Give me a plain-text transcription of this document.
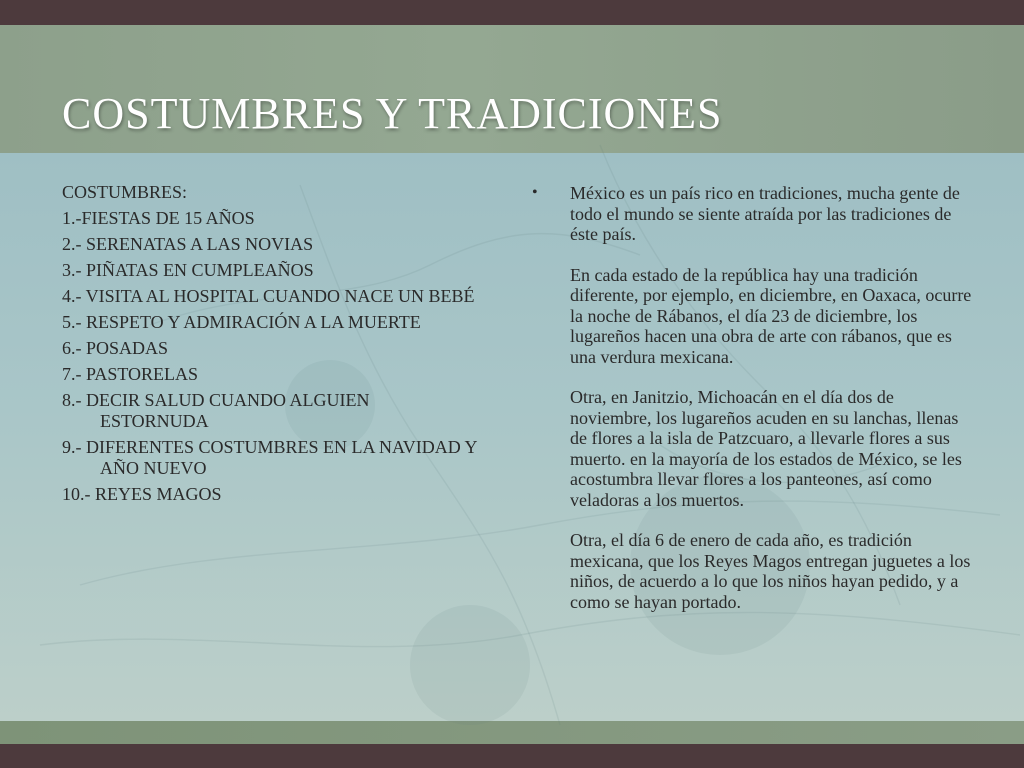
COSTUMBRES Y TRADICIONES
COSTUMBRES:
1.-FIESTAS DE 15 AÑOS
2.- SERENATAS A LAS NOVIAS
3.- PIÑATAS EN CUMPLEAÑOS
4.- VISITA AL HOSPITAL CUANDO NACE UN BEBÉ
5.- RESPETO Y ADMIRACIÓN A LA MUERTE
6.- POSADAS
7.- PASTORELAS
8.- DECIR SALUD CUANDO ALGUIEN ESTORNUDA
9.- DIFERENTES COSTUMBRES EN LA NAVIDAD Y AÑO NUEVO
10.- REYES MAGOS
• México es un país rico en tradiciones, mucha gente de todo el mundo se siente atraída por las tradiciones de éste país.

En cada estado de la república hay una tradición diferente, por ejemplo, en diciembre, en Oaxaca, ocurre la noche de Rábanos, el día 23 de diciembre, los lugareños hacen una obra de arte con rábanos, que es una verdura mexicana.

Otra, en Janitzio, Michoacán en el día dos de noviembre, los lugareños acuden en su lanchas, llenas de flores a la isla de Patzcuaro, a llevarle flores a sus muerto. en la mayoría de los estados de México, se les acostumbra llevar flores a los panteones, así como veladoras a los muertos.

Otra, el día 6 de enero de cada año, es tradición mexicana, que los Reyes Magos entregan juguetes a los niños, de acuerdo a lo que los niños hayan pedido, y a como se hayan portado.
